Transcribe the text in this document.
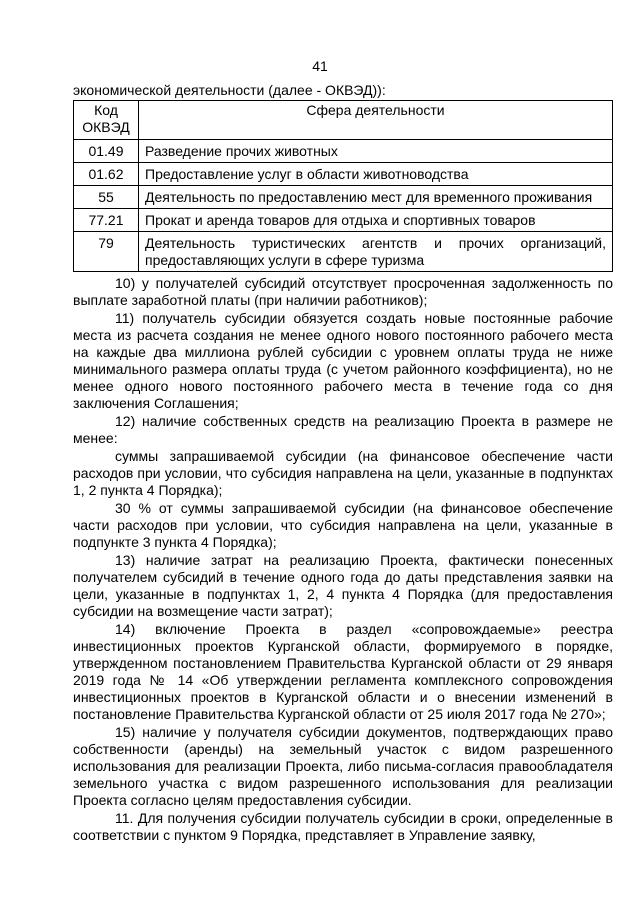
41
экономической деятельности (далее - ОКВЭД)):
Код ОКВЭД	Сфера деятельности
01.49	Разведение прочих животных
01.62	Предоставление услуг в области животноводства
55	Деятельность по предоставлению мест для временного проживания
77.21	Прокат и аренда товаров для отдыха и спортивных товаров
79	Деятельность туристических агентств и прочих организаций, предоставляющих услуги в сфере туризма

10) у получателей субсидий отсутствует просроченная задолженность по выплате заработной платы (при наличии работников);

11) получатель субсидии обязуется создать новые постоянные рабочие места из расчета создания не менее одного нового постоянного рабочего места на каждые два миллиона рублей субсидии с уровнем оплаты труда не ниже минимального размера оплаты труда (с учетом районного коэффициента), но не менее одного нового постоянного рабочего места в течение года со дня заключения Соглашения;

12) наличие собственных средств на реализацию Проекта в размере не менее:

суммы запрашиваемой субсидии (на финансовое обеспечение части расходов при условии, что субсидия направлена на цели, указанные в подпунктах 1, 2 пункта 4 Порядка);

30 % от суммы запрашиваемой субсидии (на финансовое обеспечение части расходов при условии, что субсидия направлена на цели, указанные в подпункте 3 пункта 4 Порядка);

13) наличие затрат на реализацию Проекта, фактически понесенных получателем субсидий в течение одного года до даты представления заявки на цели, указанные в подпунктах 1, 2, 4 пункта 4 Порядка (для предоставления субсидии на возмещение части затрат);

14) включение Проекта в раздел «сопровождаемые» реестра инвестиционных проектов Курганской области, формируемого в порядке, утвержденном постановлением Правительства Курганской области от 29 января 2019 года № 14 «Об утверждении регламента комплексного сопровождения инвестиционных проектов в Курганской области и о внесении изменений в постановление Правительства Курганской области от 25 июля 2017 года № 270»;

15) наличие у получателя субсидии документов, подтверждающих право собственности (аренды) на земельный участок с видом разрешенного использования для реализации Проекта, либо письма-согласия правообладателя земельного участка с видом разрешенного использования для реализации Проекта согласно целям предоставления субсидии.

11. Для получения субсидии получатель субсидии в сроки, определенные в соответствии с пунктом 9 Порядка, представляет в Управление заявку,
